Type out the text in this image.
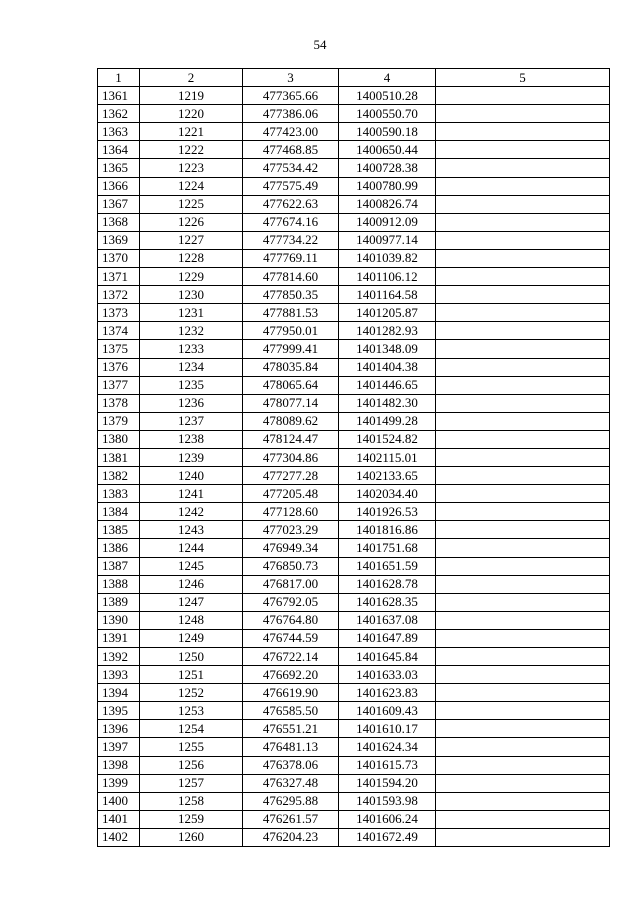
54
1	2	3	4	5
1361	1219	477365.66	1400510.28	
1362	1220	477386.06	1400550.70	
1363	1221	477423.00	1400590.18	
1364	1222	477468.85	1400650.44	
1365	1223	477534.42	1400728.38	
1366	1224	477575.49	1400780.99	
1367	1225	477622.63	1400826.74	
1368	1226	477674.16	1400912.09	
1369	1227	477734.22	1400977.14	
1370	1228	477769.11	1401039.82	
1371	1229	477814.60	1401106.12	
1372	1230	477850.35	1401164.58	
1373	1231	477881.53	1401205.87	
1374	1232	477950.01	1401282.93	
1375	1233	477999.41	1401348.09	
1376	1234	478035.84	1401404.38	
1377	1235	478065.64	1401446.65	
1378	1236	478077.14	1401482.30	
1379	1237	478089.62	1401499.28	
1380	1238	478124.47	1401524.82	
1381	1239	477304.86	1402115.01	
1382	1240	477277.28	1402133.65	
1383	1241	477205.48	1402034.40	
1384	1242	477128.60	1401926.53	
1385	1243	477023.29	1401816.86	
1386	1244	476949.34	1401751.68	
1387	1245	476850.73	1401651.59	
1388	1246	476817.00	1401628.78	
1389	1247	476792.05	1401628.35	
1390	1248	476764.80	1401637.08	
1391	1249	476744.59	1401647.89	
1392	1250	476722.14	1401645.84	
1393	1251	476692.20	1401633.03	
1394	1252	476619.90	1401623.83	
1395	1253	476585.50	1401609.43	
1396	1254	476551.21	1401610.17	
1397	1255	476481.13	1401624.34	
1398	1256	476378.06	1401615.73	
1399	1257	476327.48	1401594.20	
1400	1258	476295.88	1401593.98	
1401	1259	476261.57	1401606.24	
1402	1260	476204.23	1401672.49	
